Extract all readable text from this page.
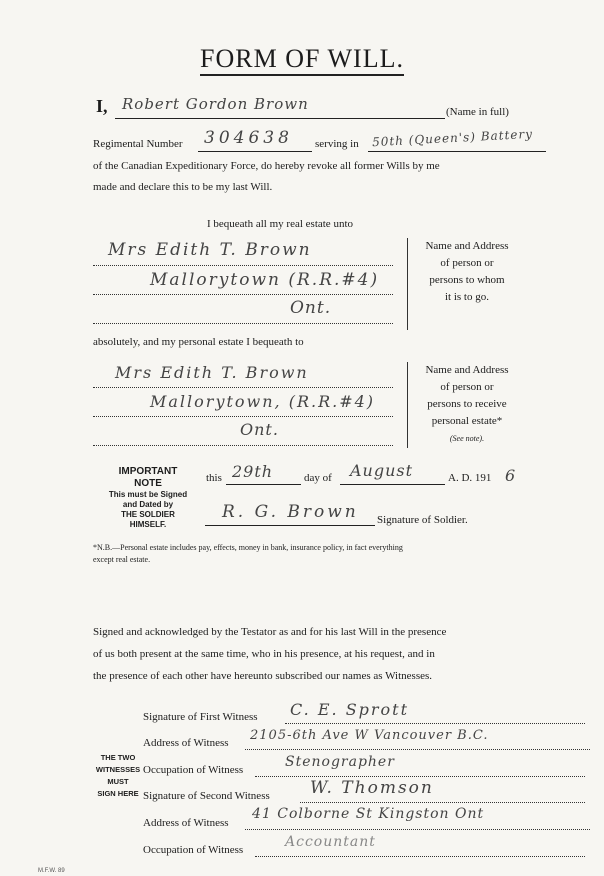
FORM OF WILL.
I, Robert Gordon Brown	(Name in full)
Regimental Number 304638 serving in 50th (Queen's) Battery
of the Canadian Expeditionary Force, do hereby revoke all former Wills by me
made and declare this to be my last Will.
I bequeath all my real estate unto
Mrs Edith T. Brown
Mallorytown (R.R.#4)
Ont.
Name and Address
of person or
persons to whom
it is to go.
absolutely, and my personal estate I bequeath to
Mrs Edith T. Brown
Mallorytown, (R.R.#4)
Ont.
Name and Address
of person or
persons to receive
personal estate*
(See note).
IMPORTANT
NOTE
This must be Signed
and Dated by
THE SOLDIER
HIMSELF.
this 29th	day of August	A. D. 191 6
R. G. Brown Signature of Soldier.
*N.B.—Personal estate includes pay, effects, money in bank, insurance policy, in fact everything
except real estate.
Signed and acknowledged by the Testator as and for his last Will in the presence
of us both present at the same time, who in his presence, at his request, and in
the presence of each other have hereunto subscribed our names as Witnesses.
THE TWO
WITNESSES
MUST
SIGN HERE
Signature of First Witness C. E. Sprott
Address of Witness 2105-6th Ave W Vancouver B.C.
Occupation of Witness	Stenographer
Signature of Second Witness W. Thomson
Address of Witness
41 Colborne St Kingston Ont
Occupation of Witness	Accountant
M.F.W. 89
